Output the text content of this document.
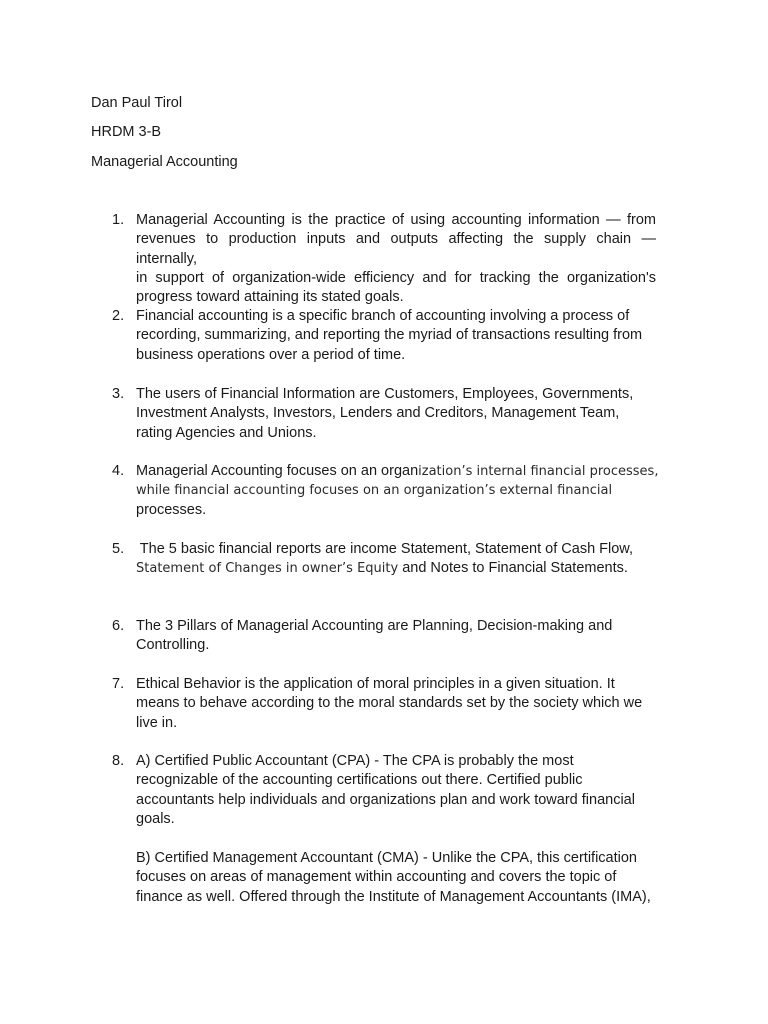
Dan Paul Tirol
HRDM 3-B
Managerial Accounting
1. Managerial Accounting is the practice of using accounting information — from
revenues to production inputs and outputs affecting the supply chain — internally,
in support of organization-wide efficiency and for tracking the organization's
progress toward attaining its stated goals.
2. Financial accounting is a specific branch of accounting involving a process of
recording, summarizing, and reporting the myriad of transactions resulting from
business operations over a period of time.
3. The users of Financial Information are Customers, Employees, Governments,
Investment Analysts, Investors, Lenders and Creditors, Management Team,
rating Agencies and Unions.
4. Managerial Accounting focuses on an organization’s internal financial processes,
while financial accounting focuses on an organization’s external financial
processes.
5. The 5 basic financial reports are income Statement, Statement of Cash Flow,
Statement of Changes in owner’s Equity and Notes to Financial Statements.
6. The 3 Pillars of Managerial Accounting are Planning, Decision-making and
Controlling.
7. Ethical Behavior is the application of moral principles in a given situation. It
means to behave according to the moral standards set by the society which we
live in.
8. A) Certified Public Accountant (CPA) - The CPA is probably the most
recognizable of the accounting certifications out there. Certified public
accountants help individuals and organizations plan and work toward financial
goals.
B) Certified Management Accountant (CMA) - Unlike the CPA, this certification
focuses on areas of management within accounting and covers the topic of
finance as well. Offered through the Institute of Management Accountants (IMA),
